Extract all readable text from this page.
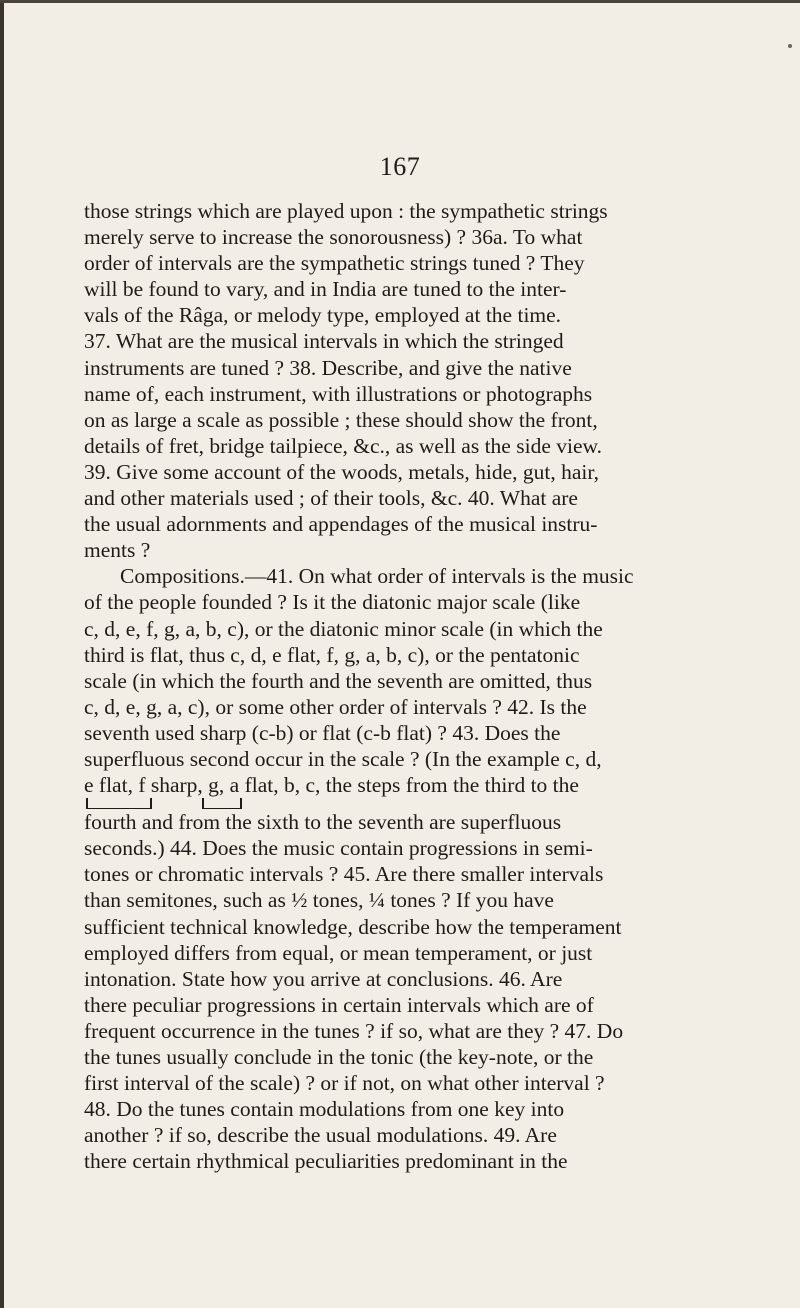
167
those strings which are played upon : the sympathetic strings
merely serve to increase the sonorousness) ? 36a. To what
order of intervals are the sympathetic strings tuned ? They
will be found to vary, and in India are tuned to the inter-
vals of the Râga, or melody type, employed at the time.
37. What are the musical intervals in which the stringed
instruments are tuned ? 38. Describe, and give the native
name of, each instrument, with illustrations or photographs
on as large a scale as possible ; these should show the front,
details of fret, bridge tailpiece, &c., as well as the side view.
39. Give some account of the woods, metals, hide, gut, hair,
and other materials used ; of their tools, &c. 40. What are
the usual adornments and appendages of the musical instru-
ments ?
Compositions.—41. On what order of intervals is the music
of the people founded ? Is it the diatonic major scale (like
c, d, e, f, g, a, b, c), or the diatonic minor scale (in which the
third is flat, thus c, d, e flat, f, g, a, b, c), or the pentatonic
scale (in which the fourth and the seventh are omitted, thus
c, d, e, g, a, c), or some other order of intervals ? 42. Is the
seventh used sharp (c-b) or flat (c-b flat) ? 43. Does the
superfluous second occur in the scale ? (In the example c, d,
e flat, f sharp, g, a flat, b, c, the steps from the third to the
fourth and from the sixth to the seventh are superfluous
seconds.) 44. Does the music contain progressions in semi-
tones or chromatic intervals ? 45. Are there smaller intervals
than semitones, such as ½ tones, ¼ tones ? If you have
sufficient technical knowledge, describe how the temperament
employed differs from equal, or mean temperament, or just
intonation. State how you arrive at conclusions. 46. Are
there peculiar progressions in certain intervals which are of
frequent occurrence in the tunes ? if so, what are they ? 47. Do
the tunes usually conclude in the tonic (the key-note, or the
first interval of the scale) ? or if not, on what other interval ?
48. Do the tunes contain modulations from one key into
another ? if so, describe the usual modulations. 49. Are
there certain rhythmical peculiarities predominant in the
